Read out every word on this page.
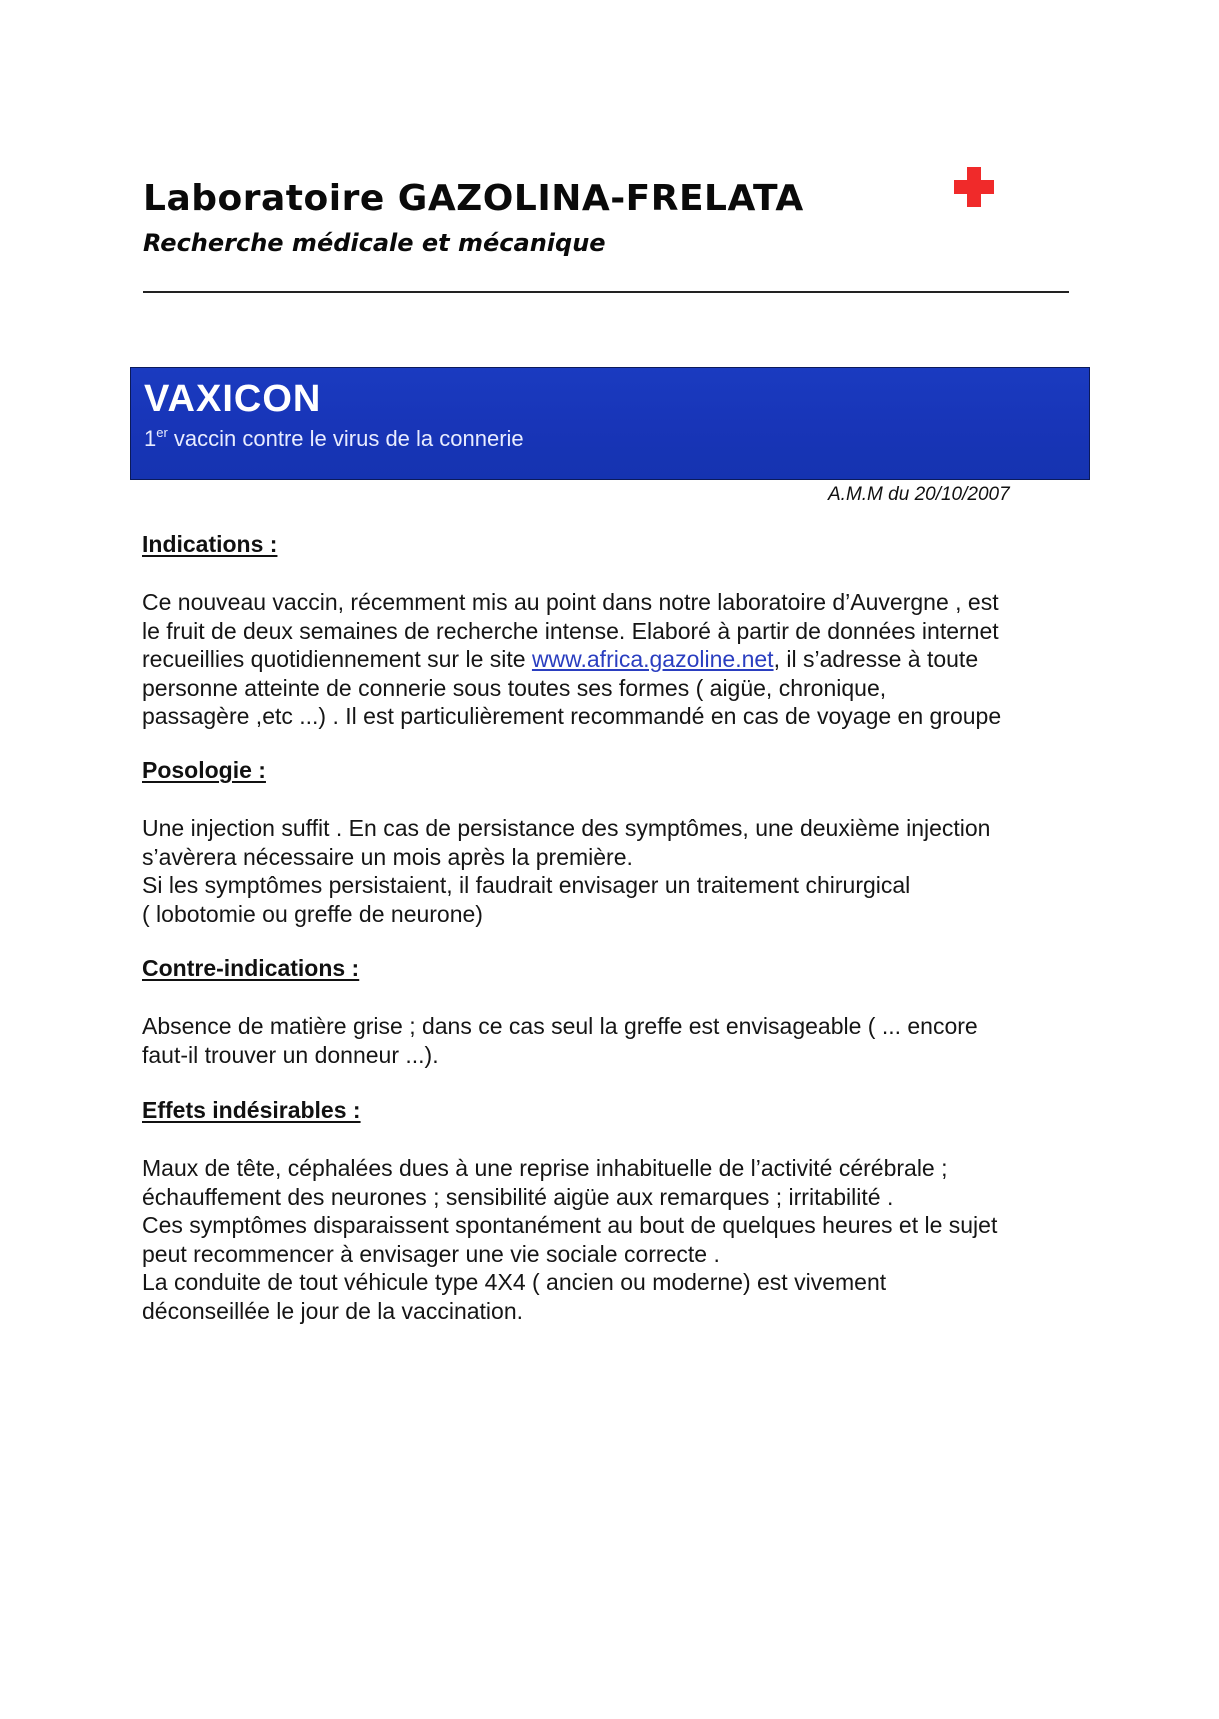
Laboratoire GAZOLINA-FRELATA
Recherche médicale et mécanique
VAXICON
1er vaccin contre le virus de la connerie
A.M.M du 20/10/2007
Indications :
Ce nouveau vaccin, récemment mis au point dans notre laboratoire d’Auvergne , est
le fruit de deux semaines de recherche intense. Elaboré à partir de données internet
recueillies quotidiennement sur le site www.africa.gazoline.net, il s’adresse à toute
personne atteinte de connerie sous toutes ses formes ( aigüe, chronique,
passagère ,etc ...) . Il est particulièrement recommandé en cas de voyage en groupe
Posologie :
Une injection suffit . En cas de persistance des symptômes, une deuxième injection
s’avèrera nécessaire un mois après la première.
Si les symptômes persistaient, il faudrait envisager un traitement chirurgical
( lobotomie ou greffe de neurone)
Contre-indications :
Absence de matière grise ; dans ce cas seul la greffe est envisageable ( ... encore
faut-il trouver un donneur ...).
Effets indésirables :
Maux de tête, céphalées dues à une reprise inhabituelle de l’activité cérébrale ;
échauffement des neurones ; sensibilité aigüe aux remarques ; irritabilité .
Ces symptômes disparaissent spontanément au bout de quelques heures et le sujet
peut recommencer à envisager une vie sociale correcte .
La conduite de tout véhicule type 4X4 ( ancien ou moderne) est vivement
déconseillée le jour de la vaccination.
